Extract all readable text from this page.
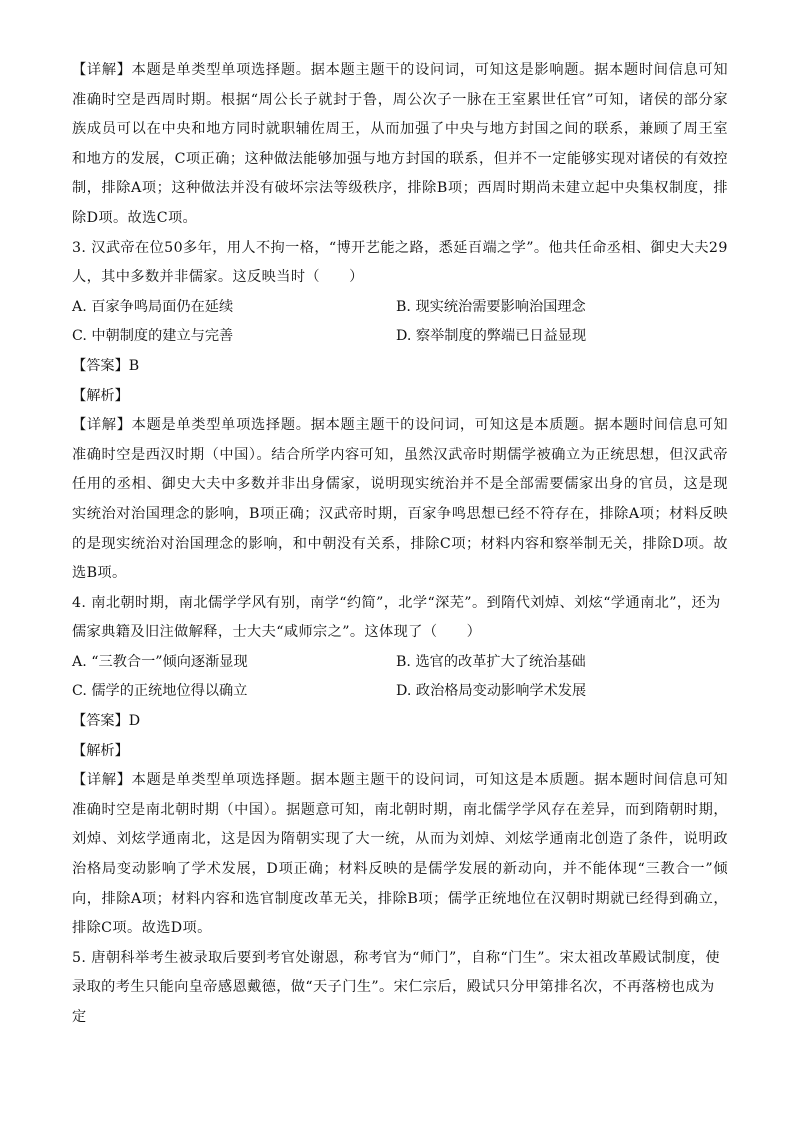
【详解】本题是单类型单项选择题。据本题主题干的设问词，可知这是影响题。据本题时间信息可知准确时空是西周时期。根据“周公长子就封于鲁，周公次子一脉在王室累世任官”可知，诸侯的部分家族成员可以在中央和地方同时就职辅佐周王，从而加强了中央与地方封国之间的联系，兼顾了周王室和地方的发展，C项正确；这种做法能够加强与地方封国的联系，但并不一定能够实现对诸侯的有效控制，排除A项；这种做法并没有破坏宗法等级秩序，排除B项；西周时期尚未建立起中央集权制度，排除D项。故选C项。

3. 汉武帝在位50多年，用人不拘一格，“博开艺能之路，悉延百端之学”。他共任命丞相、御史大夫29人，其中多数并非儒家。这反映当时（　　）

A. 百家争鸣局面仍在延续	B. 现实统治需要影响治国理念
C. 中朝制度的建立与完善	D. 察举制度的弊端已日益显现

【答案】B

【解析】

【详解】本题是单类型单项选择题。据本题主题干的设问词，可知这是本质题。据本题时间信息可知准确时空是西汉时期（中国）。结合所学内容可知，虽然汉武帝时期儒学被确立为正统思想，但汉武帝任用的丞相、御史大夫中多数并非出身儒家，说明现实统治并不是全部需要儒家出身的官员，这是现实统治对治国理念的影响，B项正确；汉武帝时期，百家争鸣思想已经不符存在，排除A项；材料反映的是现实统治对治国理念的影响，和中朝没有关系，排除C项；材料内容和察举制无关，排除D项。故选B项。

4. 南北朝时期，南北儒学学风有别，南学“约简”，北学“深芜”。到隋代刘焯、刘炫“学通南北”，还为儒家典籍及旧注做解释，士大夫“咸师宗之”。这体现了（　　）

A. “三教合一”倾向逐渐显现	B. 选官的改革扩大了统治基础
C. 儒学的正统地位得以确立	D. 政治格局变动影响学术发展

【答案】D

【解析】

【详解】本题是单类型单项选择题。据本题主题干的设问词，可知这是本质题。据本题时间信息可知准确时空是南北朝时期（中国）。据题意可知，南北朝时期，南北儒学学风存在差异，而到隋朝时期，刘焯、刘炫学通南北，这是因为隋朝实现了大一统，从而为刘焯、刘炫学通南北创造了条件，说明政治格局变动影响了学术发展，D项正确；材料反映的是儒学发展的新动向，并不能体现“三教合一”倾向，排除A项；材料内容和选官制度改革无关，排除B项；儒学正统地位在汉朝时期就已经得到确立，排除C项。故选D项。

5. 唐朝科举考生被录取后要到考官处谢恩，称考官为“师门”，自称“门生”。宋太祖改革殿试制度，使录取的考生只能向皇帝感恩戴德，做“天子门生”。宋仁宗后，殿试只分甲第排名次，不再落榜也成为定
